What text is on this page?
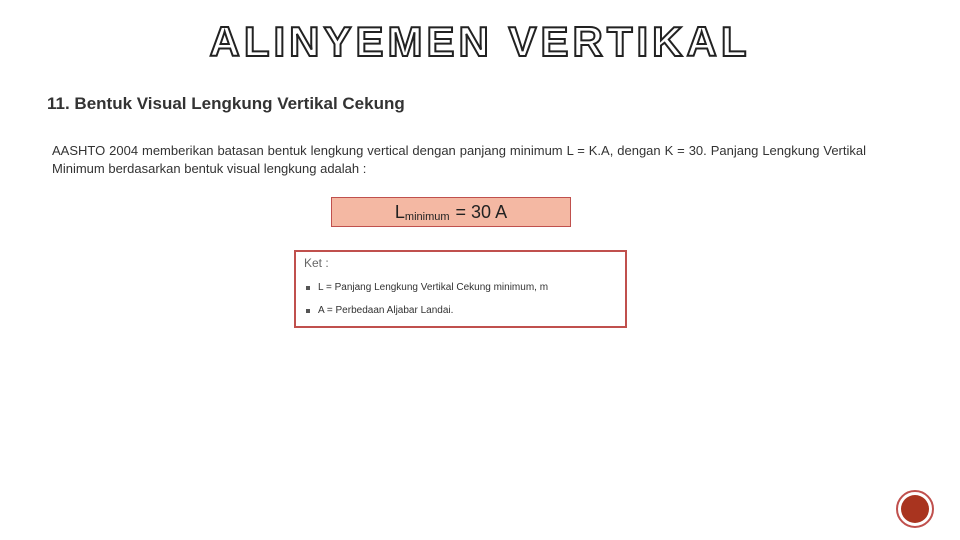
ALINYEMEN VERTIKAL
11. Bentuk Visual Lengkung Vertikal Cekung
AASHTO 2004 memberikan batasan bentuk lengkung vertical dengan panjang minimum L = K.A, dengan K = 30. Panjang Lengkung Vertikal Minimum berdasarkan bentuk visual lengkung adalah :
L minimum = 30 A
Ket :
L = Panjang Lengkung Vertikal Cekung minimum, m
A = Perbedaan Aljabar Landai.
